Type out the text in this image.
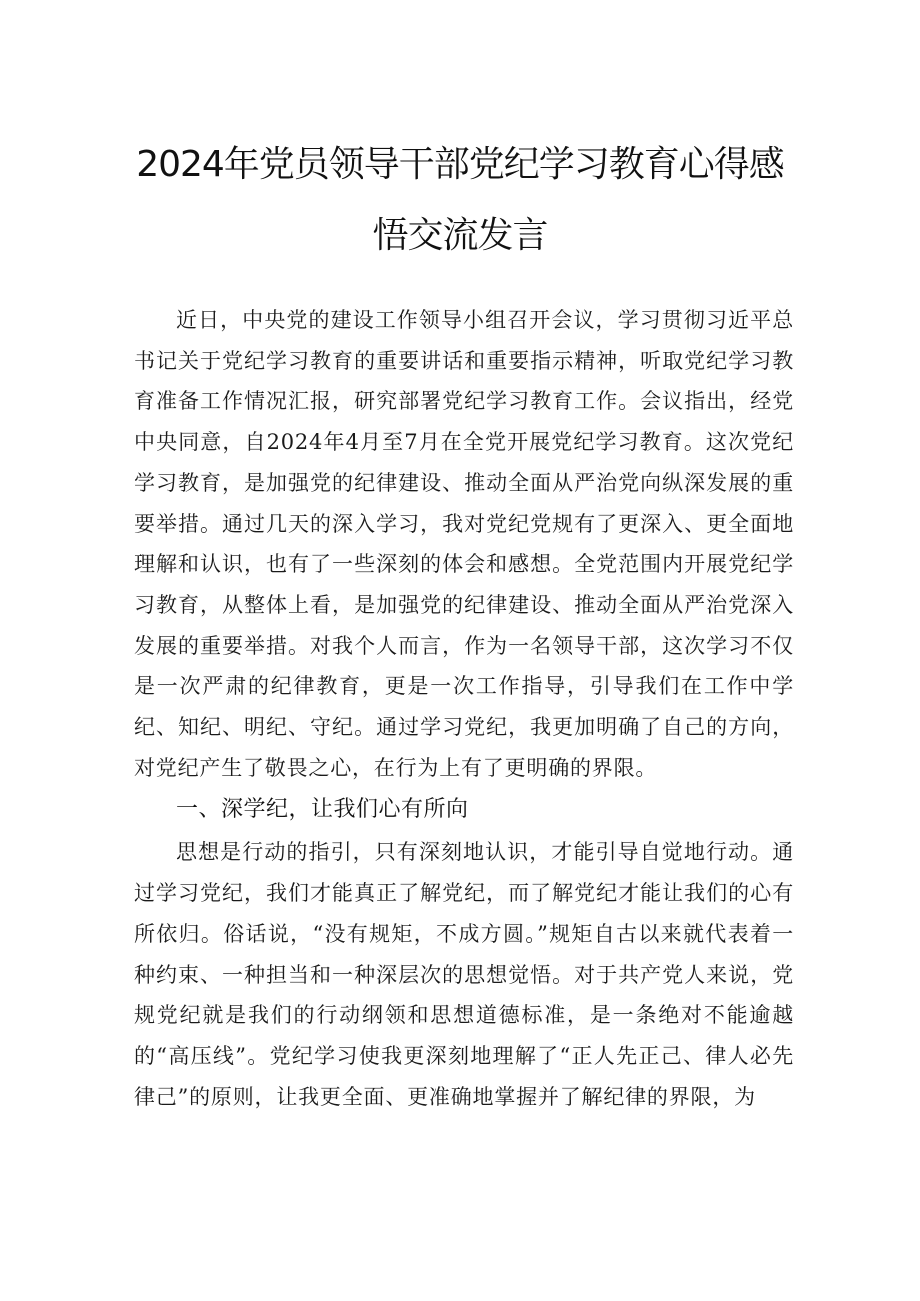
2024年党员领导干部党纪学习教育心得感
悟交流发言

近日，中央党的建设工作领导小组召开会议，学习贯彻习近平总书记关于党纪学习教育的重要讲话和重要指示精神，听取党纪学习教育准备工作情况汇报，研究部署党纪学习教育工作。会议指出，经党中央同意，自2024年4月至7月在全党开展党纪学习教育。这次党纪学习教育，是加强党的纪律建设、推动全面从严治党向纵深发展的重要举措。通过几天的深入学习，我对党纪党规有了更深入、更全面地理解和认识，也有了一些深刻的体会和感想。全党范围内开展党纪学习教育，从整体上看，是加强党的纪律建设、推动全面从严治党深入发展的重要举措。对我个人而言，作为一名领导干部，这次学习不仅是一次严肃的纪律教育，更是一次工作指导，引导我们在工作中学纪、知纪、明纪、守纪。通过学习党纪，我更加明确了自己的方向，对党纪产生了敬畏之心，在行为上有了更明确的界限。

一、深学纪，让我们心有所向

思想是行动的指引，只有深刻地认识，才能引导自觉地行动。通过学习党纪，我们才能真正了解党纪，而了解党纪才能让我们的心有所依归。俗话说，“没有规矩，不成方圆。”规矩自古以来就代表着一种约束、一种担当和一种深层次的思想觉悟。对于共产党人来说，党规党纪就是我们的行动纲领和思想道德标准，是一条绝对不能逾越的“高压线”。党纪学习使我更深刻地理解了“正人先正己、律人必先律己”的原则，让我更全面、更准确地掌握并了解纪律的界限，为
